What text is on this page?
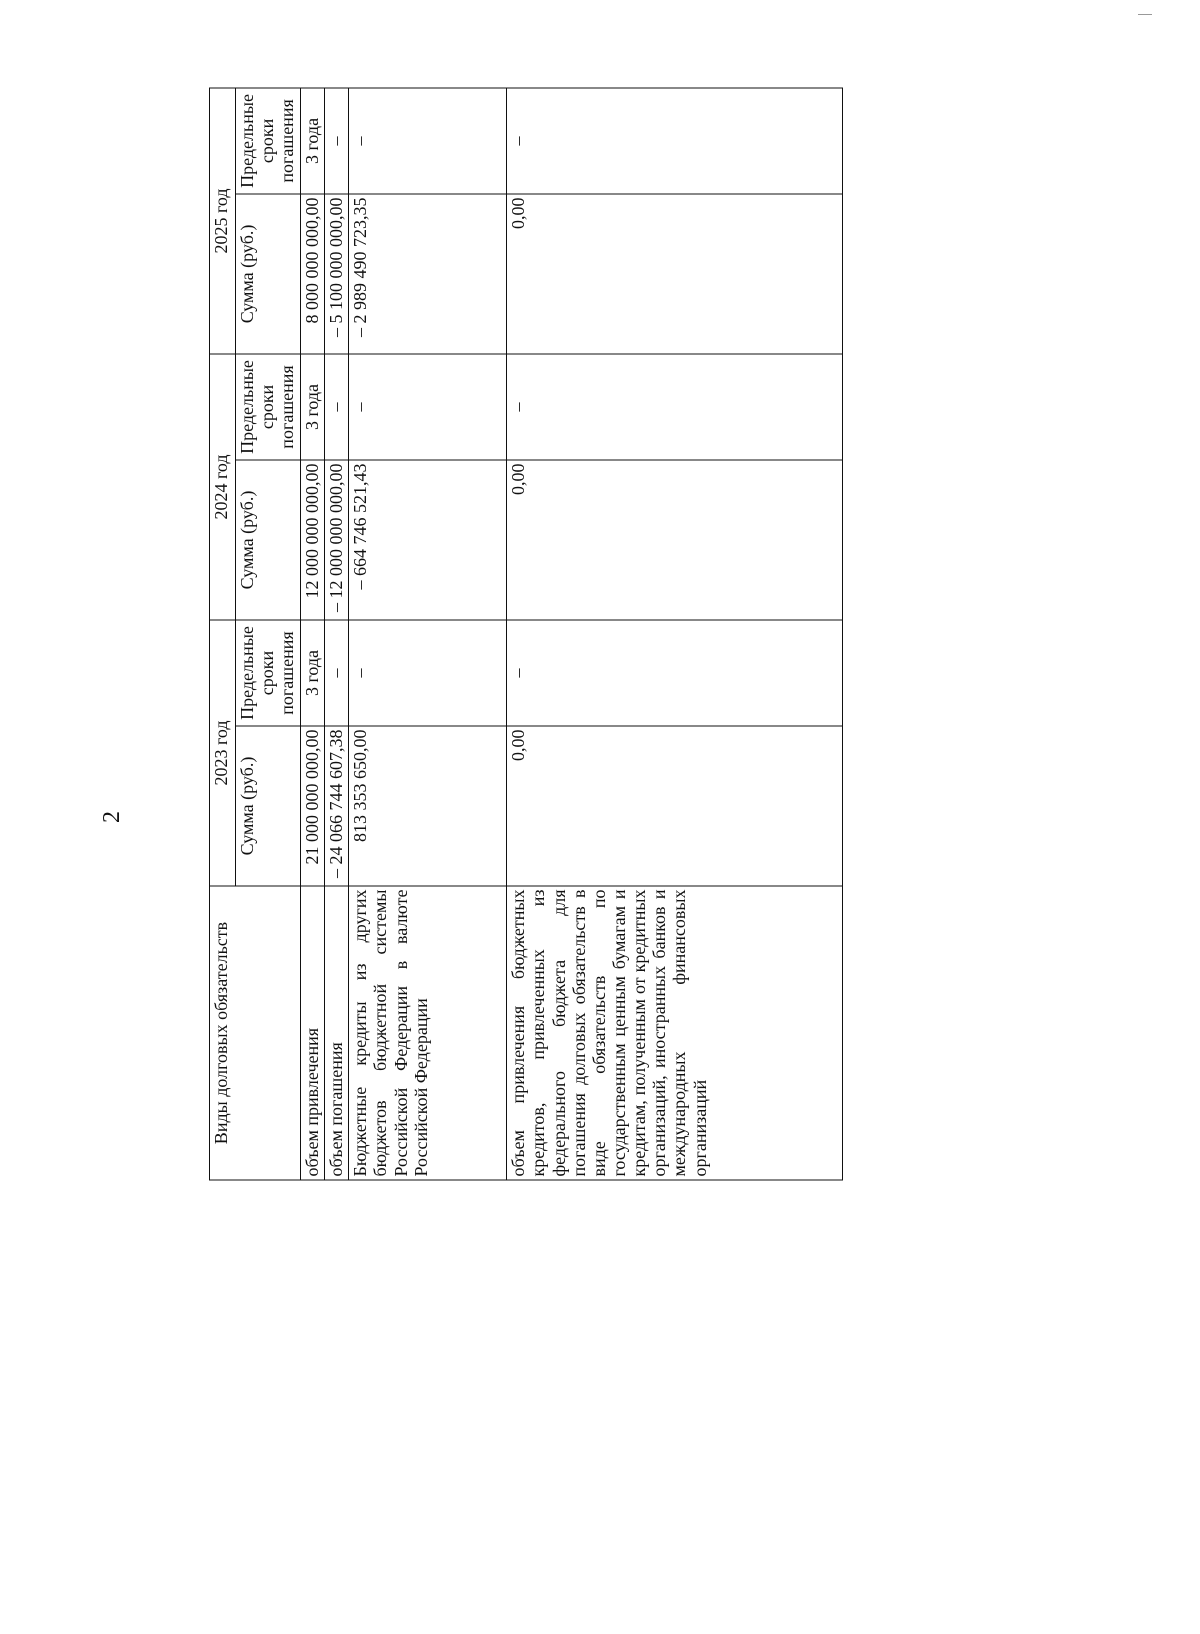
2
Виды долговых обязательств	2023 год		2024 год		2025 год	
	Сумма (руб.)	Предельные сроки погашения	Сумма (руб.)	Предельные сроки погашения	Сумма (руб.)	Предельные сроки погашения
объем привлечения	21 000 000 000,00	3 года	12 000 000 000,00	3 года	8 000 000 000,00	3 года
объем погашения	– 24 066 744 607,38	–	– 12 000 000 000,00	–	– 5 100 000 000,00	–
Бюджетные кредиты из других бюджетов бюджетной системы Российской Федерации в валюте Российской Федерации	813 353 650,00	–	– 664 746 521,43	–	– 2 989 490 723,35	–
объем привлечения бюджетных кредитов, привлеченных из федерального бюджета для погашения долговых обязательств в виде обязательств по государственным ценным бумагам и кредитам, полученным от кредитных организаций, иностранных банков и международных финансовых организаций	0,00	–	0,00	–	0,00	–
